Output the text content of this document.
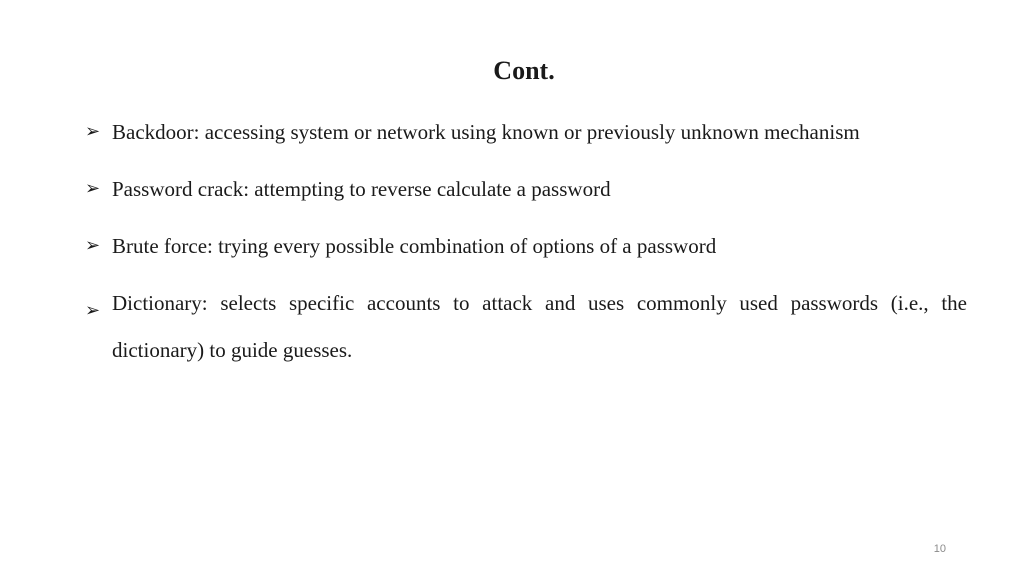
Cont.
➢ Backdoor: accessing system or network using known or previously unknown mechanism
➢ Password crack: attempting to reverse calculate a password
➢ Brute force: trying every possible combination of options of a password
➢ Dictionary: selects specific accounts to attack and uses commonly used passwords (i.e., the dictionary) to guide guesses.
10
